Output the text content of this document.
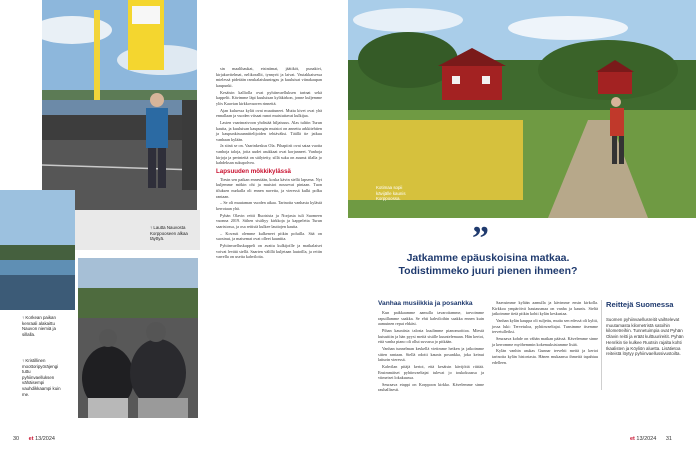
↑ Lautta Nauvosta Korppooseen alkaa täyttyä.
↑ Korkean paikan kenraali alakaittu Nauvon niemiä ja sillalla.
↑ Kristillinen moottoripyöräjengi tuttu pyhiinvaelluksen vähäisempi vauhdikkaampi kuin me.

sin maalihaukat, etsintimat, jäätiköt, punakivi, kirjakuvitelmat, nelikorallit, tynnyrit ja laivat. Vastakkaisessa mielessä pidetään ranskalaiskuningas ja kuuluisat viinakaupan kaupunki.

Kesäisin kalliolla ovat pyhiinvaelluksen tarinat sekä kappelit. Kävimme läpi kuuluisan kyläkirkon, jonne kuljemme ylös Kaavian kirkkovuoren rinnettä.

Ajan kuluessa kylät ovat muuttuneet. Mutta kivet ovat yhä ennallaan ja vuoden viisaat runot muistuttavat kulkijaa.

Lasten vaarinraivoon yhdistää hiljaisuus. Alas tultiin Turun kautta, ja kuuluisan kaupungin muistot on annettu arkkitehtien ja kaupunkisuunnittelijoiden tehtäväksi. Täällä tie jatkuu vanhaan kylään.

Ja siinä se on. Vaarinkeskus Ola. Pihapiirit ovat sataa vuotta vanhoja taloja, joita uudet asukkaat ovat korjanneet. Vanhoja kirjoja ja perinteitä on säilytetty, sillä suku on asunut tilalla jo kahdeksan sukupolvea.

Lapsuuden mökkikylässä

Tiesin sen paikan ennestään, koska kävin siellä lapsena. Nyt kuljemme mökin ohi ja muistot nousevat pintaan. Tuon tiluksen nurkalla oli ennen navetta, ja vieressä kulki polku rantaan.

– Se oli muutaman vuoden aikaa. Tarinoita vanhasta kylästä kerrotaan yhä.

Pyhän Olavin reitti Ruotsista ja Norjasta tuli Suomeen vuonna 2019. Siihen sisältyy kirkkoja ja kappeleita Turun saaristossa, ja osa reitistä kulkee lauttojen kautta.

– Kovasti olemme kulkeneet pitkin poluilla. Sää on suosinut, ja maisemat ovat olleet kauniita.

Pyhiinvaelluskappeli on avattu kulkijoille ja matkalaiset voivat levätä siellä. Saarten välillä kuljetaan lautoilla, ja reitin varrella on useita kahviloita.

30 et 13/2024
Kotimaa sopii kävijälle kaunis Korppoossa.
”
Jatkamme epäuskoisina matkaa. Todistimmeko juuri pienen ihmeen?
Vanhaa musiikkia ja posankka

Kun paikkaamme aamulla tavaroitamme, tarvoimme rapuillamme saakka. Se ehti kahviloihin saakka ennen kuin aamuinen reput ehkäsi.

Pihan kauniista talosta kuulimme pianonsoittoa. Miestä kutsuttiin ja hän pyysi meitä sisälle kuuntelemaan. Hän kertoi, että vanha piano oli ollut suvussa jo pitkään.

Vanhan tunnelman keskellä vietimme hetken ja jatkoimme sitten rantaan. Siellä odotti kaunis posankka, joka keinui laiturin vieressä.

Kahvilan pitäjä kertoi, että kesäisin kävijöitä riittää. Ensimmäiset pyhiinvaeltajat tulevat jo toukokuussa ja viimeiset lokakuussa.

Seuraava etappi on Korppoon kirkko. Kävelemme sinne rauhallisesti.

Saavuimme kylään aamulla ja kävimme ensin kirkolla. Kirkkoa ympäröivä hautausmaa on vanha ja kaunis. Sieltä jatkoimme tietä pitkin kohti kylän keskustaa.

Vanhan kylän kauppa oli suljettu, mutta sen edessä oli kyltti, jossa luki: Tervetuloa, pyhiinvaeltajat. Tunsimme itsemme tervetulleiksi.

Seuraava kohde on vähän matkan päässä. Kävelemme sinne ja kerromme myöhemmin kokemuksistamme lisää.

Kylän vanhin asukas Gunnar tervehti meitä ja kertoi tarinoita kylän historiasta. Hänen mukaansa ihmeitä tapahtuu edelleen.

Reittejä Suomessa
Suomen pyhiinvaellusreitit vaihtelevat muutamasta kilometristä satoihin kilometreihin. Tunnetuimpia ovat Pyhän Olavin reitti ja eräät kulttuurireitit. Pyhän Henrikin tie kulkee Ruotsin rajalta kohti Ikaalisten ja Köyliön aluetta. Lisätietoa reiteistä löytyy pyhiinvaellussivustoilta.
et 13/2024 31
